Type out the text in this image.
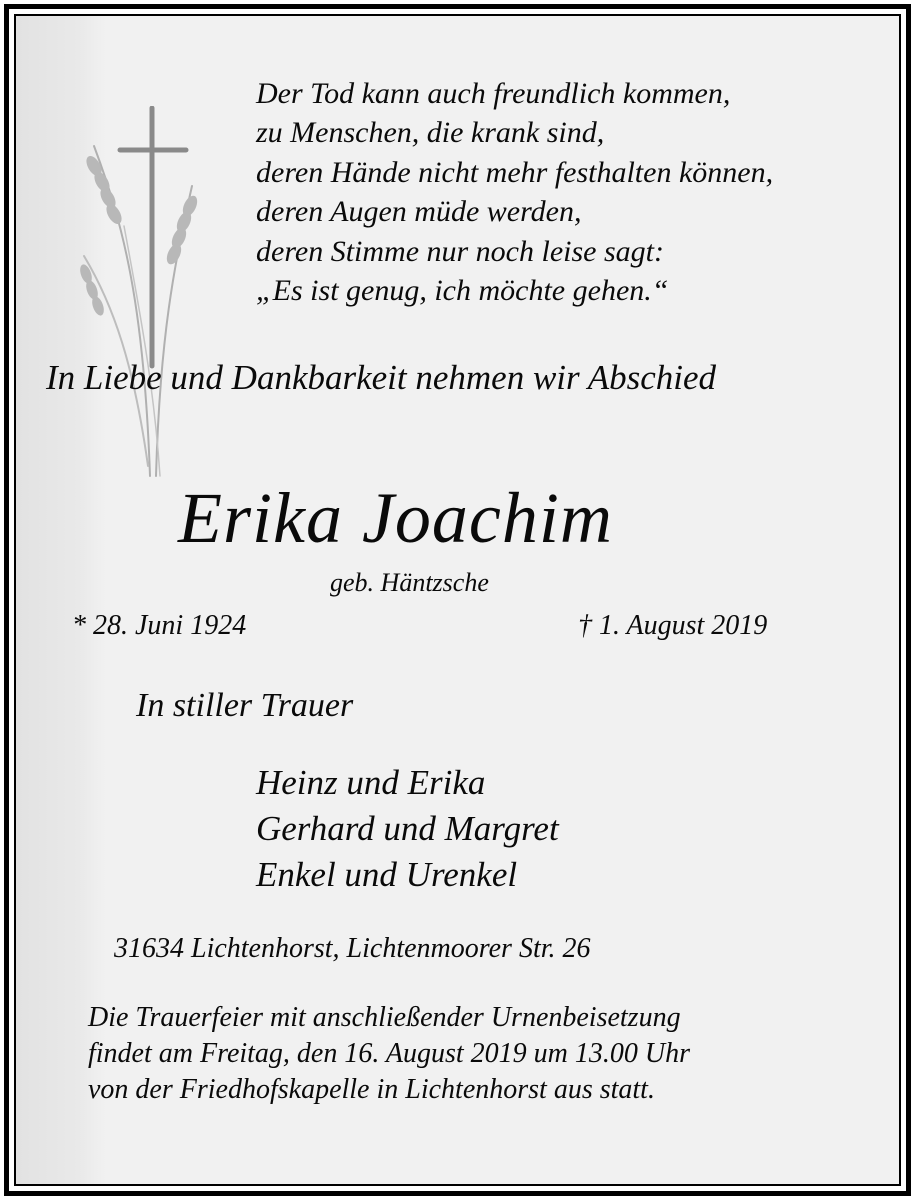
Der Tod kann auch freundlich kommen,
zu Menschen, die krank sind,
deren Hände nicht mehr festhalten können,
deren Augen müde werden,
deren Stimme nur noch leise sagt:
„Es ist genug, ich möchte gehen.“

In Liebe und Dankbarkeit nehmen wir Abschied

Erika Joachim

geb. Häntzsche

* 28. Juni 1924	† 1. August 2019

In stiller Trauer

Heinz und Erika
Gerhard und Margret
Enkel und Urenkel

31634 Lichtenhorst, Lichtenmoorer Str. 26

Die Trauerfeier mit anschließender Urnenbeisetzung
findet am Freitag, den 16. August 2019 um 13.00 Uhr
von der Friedhofskapelle in Lichtenhorst aus statt.
